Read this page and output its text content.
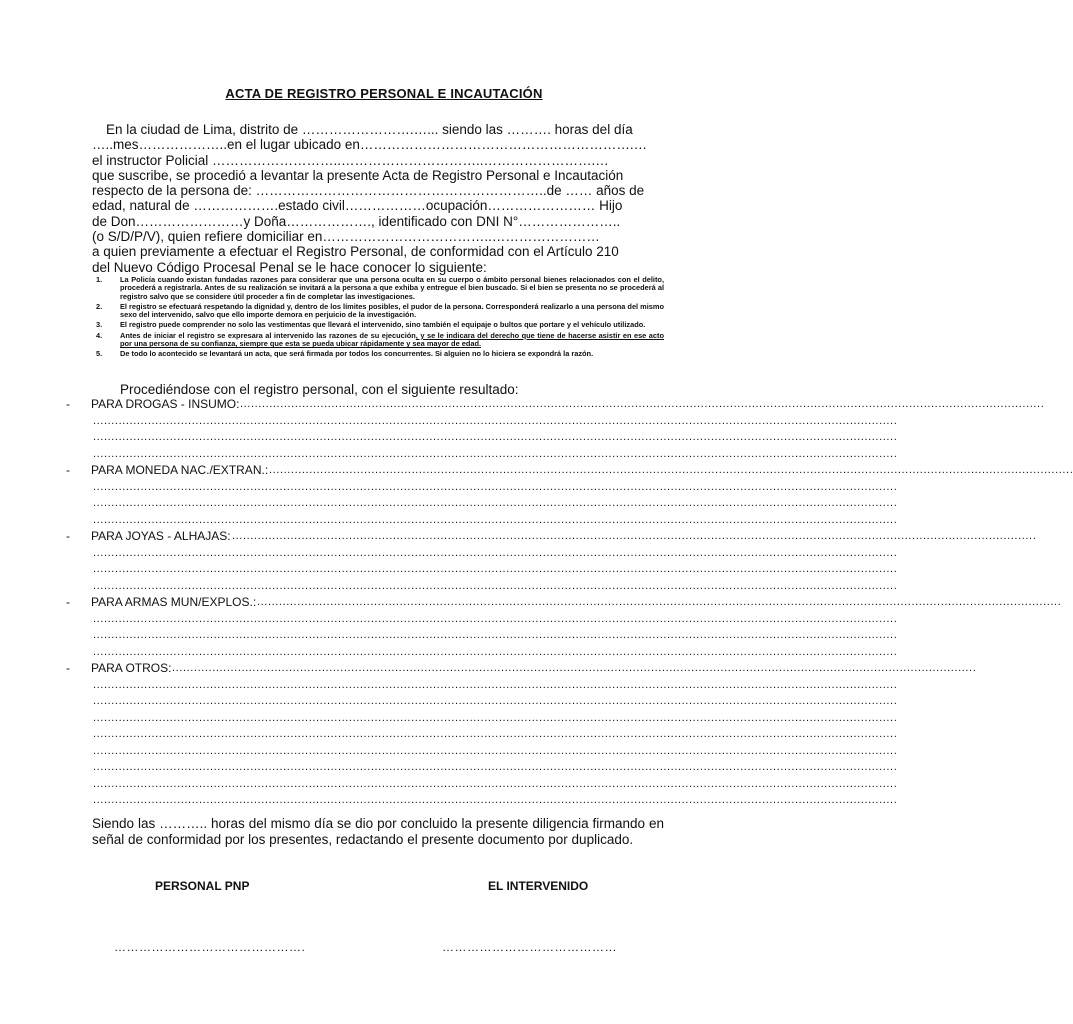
ACTA DE REGISTRO PERSONAL E INCAUTACIÓN
En la ciudad de Lima, distrito de …………………….…... siendo las ………. horas del día
…..mes………………..en el lugar ubicado en…………………………………………………….…
el instructor Policial ………………………..…………………………..…………………….…
que suscribe, se procedió a levantar la presente Acta de Registro Personal e Incautación
respecto de la persona de: ………………………………………………………..de …… años de
edad, natural de ……………….estado civil………………ocupación…………………… Hijo
de Don……………………y Doña………………., identificado con DNI N°…………………..
(o S/D/P/V), quien refiere domiciliar en………………………………..……………………
a quien previamente a efectuar el Registro Personal, de conformidad con el Artículo 210
del Nuevo Código Procesal Penal se le hace conocer lo siguiente:
1.	La Policía cuando existan fundadas razones para considerar que una persona oculta en su cuerpo o ámbito personal bienes relacionados con el delito, procederá a registrarla. Antes de su realización se invitará a la persona a que exhiba y entregue el bien buscado. Si el bien se presenta no se procederá al registro salvo que se considere útil proceder a fin de completar las investigaciones.
2.	El registro se efectuará respetando la dignidad y, dentro de los límites posibles, el pudor de la persona. Corresponderá realizarlo a una persona del mismo sexo del intervenido, salvo que ello importe demora en perjuicio de la investigación.
3.	El registro puede comprender no solo las vestimentas que llevará el intervenido, sino también el equipaje o bultos que portare y el vehículo utilizado.
4.	Antes de iniciar el registro se expresara al intervenido las razones de su ejecución, y se le indicara del derecho que tiene de hacerse asistir en ese acto por una persona de su confianza, siempre que esta se pueda ubicar rápidamente y sea mayor de edad.
5.	De todo lo acontecido se levantará un acta, que será firmada por todos los concurrentes. Si alguien no lo hiciera se expondrá la razón.
Procediéndose con el registro personal, con el siguiente resultado:
- PARA DROGAS - INSUMO: ............................................................................................................................................................................................................................
............................................................................................................................................................................................................................
............................................................................................................................................................................................................................
............................................................................................................................................................................................................................
- PARA MONEDA NAC./EXTRAN.: ............................................................................................................................................................................................................................
............................................................................................................................................................................................................................
............................................................................................................................................................................................................................
............................................................................................................................................................................................................................
- PARA JOYAS - ALHAJAS: ............................................................................................................................................................................................................................
............................................................................................................................................................................................................................
............................................................................................................................................................................................................................
............................................................................................................................................................................................................................
- PARA ARMAS MUN/EXPLOS.: ............................................................................................................................................................................................................................
............................................................................................................................................................................................................................
............................................................................................................................................................................................................................
............................................................................................................................................................................................................................
- PARA OTROS: ............................................................................................................................................................................................................................
............................................................................................................................................................................................................................
............................................................................................................................................................................................................................
............................................................................................................................................................................................................................
............................................................................................................................................................................................................................
............................................................................................................................................................................................................................
............................................................................................................................................................................................................................
............................................................................................................................................................................................................................
............................................................................................................................................................................................................................
Siendo las ……….. horas del mismo día se dio por concluido la presente diligencia firmando en señal de conformidad por los presentes, redactando el presente documento por duplicado.
PERSONAL PNP	EL INTERVENIDO
……………………………………….	……………………………………
